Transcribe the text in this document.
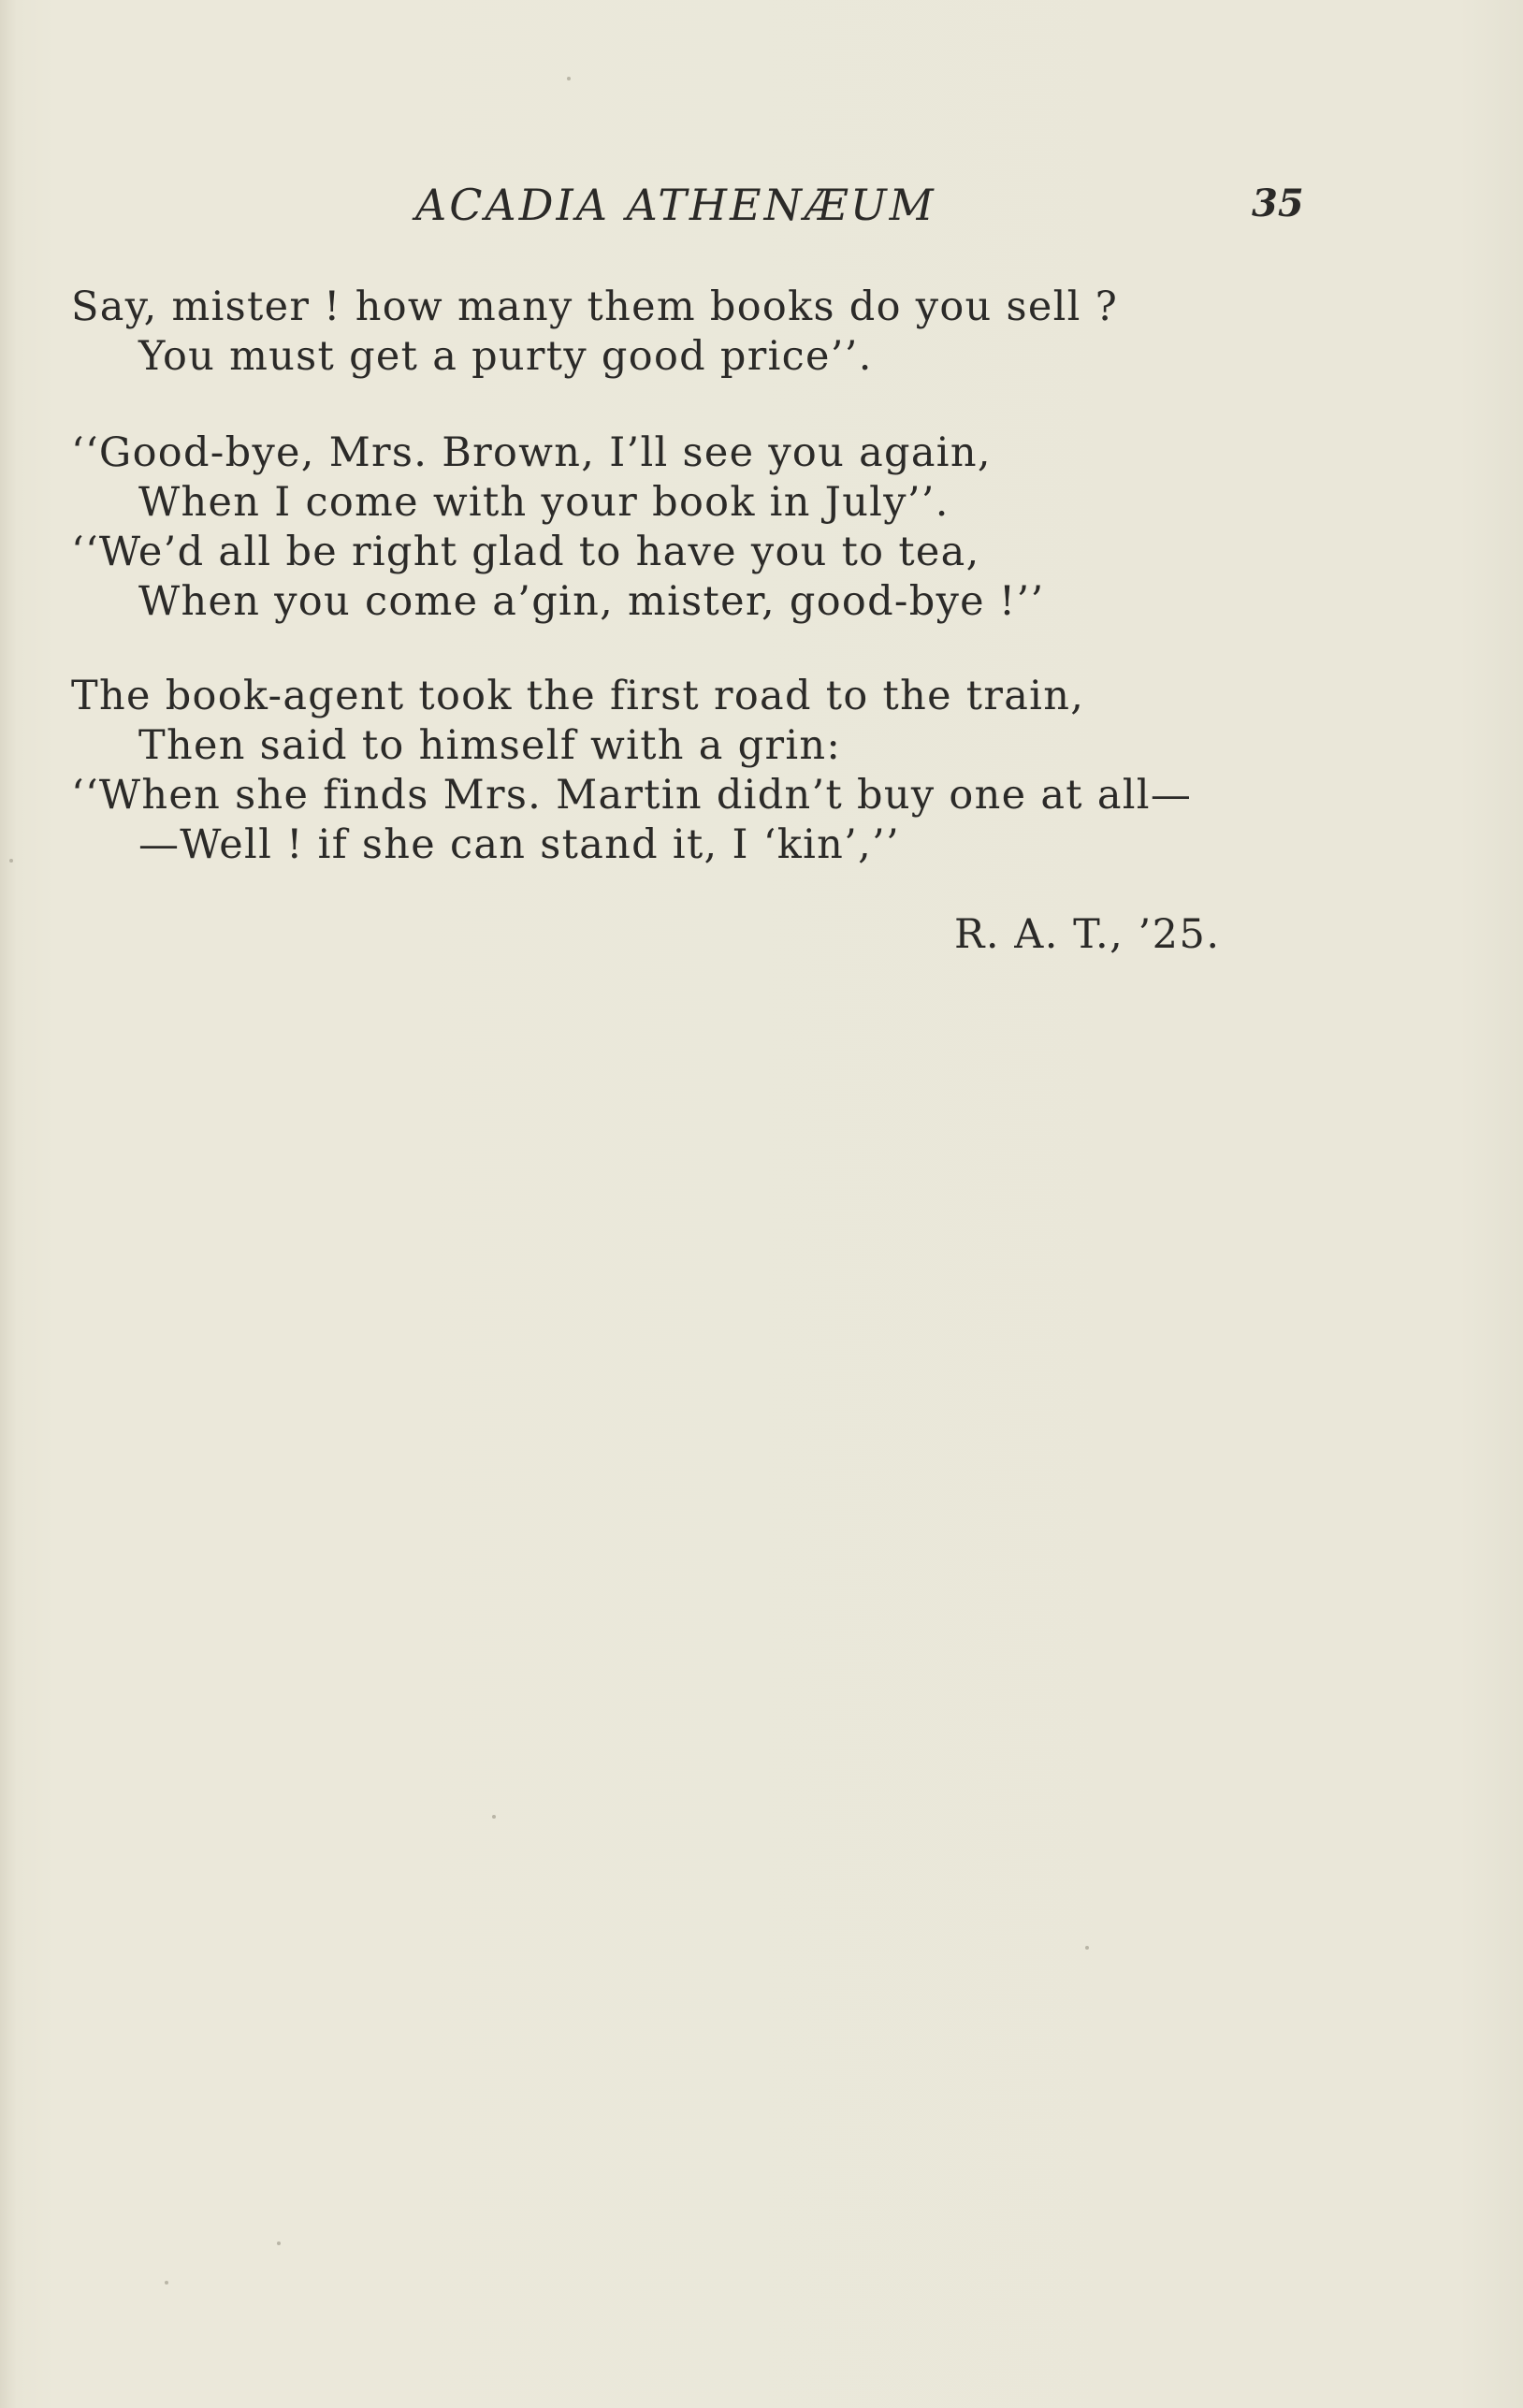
ACADIA ATHENÆUM	35
Say, mister ! how many them books do you sell ?
You must get a purty good price’’.
‘‘Good-bye, Mrs. Brown, I’ll see you again,
When I come with your book in July’’.
‘‘We’d all be right glad to have you to tea,
When you come a’gin, mister, good-bye !’’
The book-agent took the first road to the train,
Then said to himself with a grin:
‘‘When she finds Mrs. Martin didn’t buy one at all—
—Well ! if she can stand it, I ‘kin’,’’
R. A. T., ’25.
